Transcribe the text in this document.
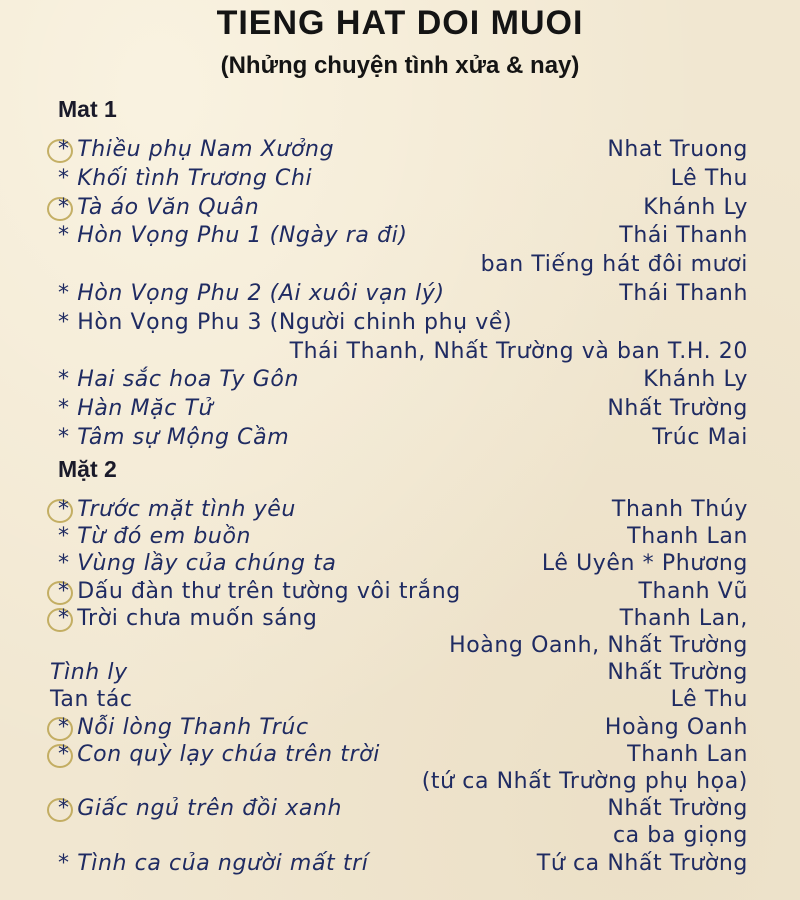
TIENG HAT DOI MUOI
(Nhửng chuyện tình xửa & nay)
Mat 1
* Thiều phụ Nam Xưởng	Nhat Truong
* Khối tình Trương Chi	Lê Thu
* Tà áo Văn Quân	Khánh Ly
* Hòn Vọng Phu 1 (Ngày ra đi)	Thái Thanh
ban Tiếng hát đôi mươi
* Hòn Vọng Phu 2 (Ai xuôi vạn lý)	Thái Thanh
* Hòn Vọng Phu 3 (Người chinh phụ về)
Thái Thanh, Nhất Trường và ban T.H. 20
* Hai sắc hoa Ty Gôn	Khánh Ly
* Hàn Mặc Tử	Nhất Trường
* Tâm sự Mộng Cầm	Trúc Mai
Mặt 2
* Trước mặt tình yêu	Thanh Thúy
* Từ đó em buồn	Thanh Lan
* Vùng lầy của chúng ta	Lê Uyên * Phương
* Dấu đàn thư trên tường vôi trắng	Thanh Vũ
* Trời chưa muốn sáng	Thanh Lan,
Hoàng Oanh, Nhất Trường
Tình ly	Nhất Trường
Tan tác	Lê Thu
* Nỗi lòng Thanh Trúc	Hoàng Oanh
* Con quỳ lạy chúa trên trời	Thanh Lan
(tứ ca Nhất Trường phụ họa)
* Giấc ngủ trên đồi xanh	Nhất Trường
ca ba giọng
* Tình ca của người mất trí	Tứ ca Nhất Trường
